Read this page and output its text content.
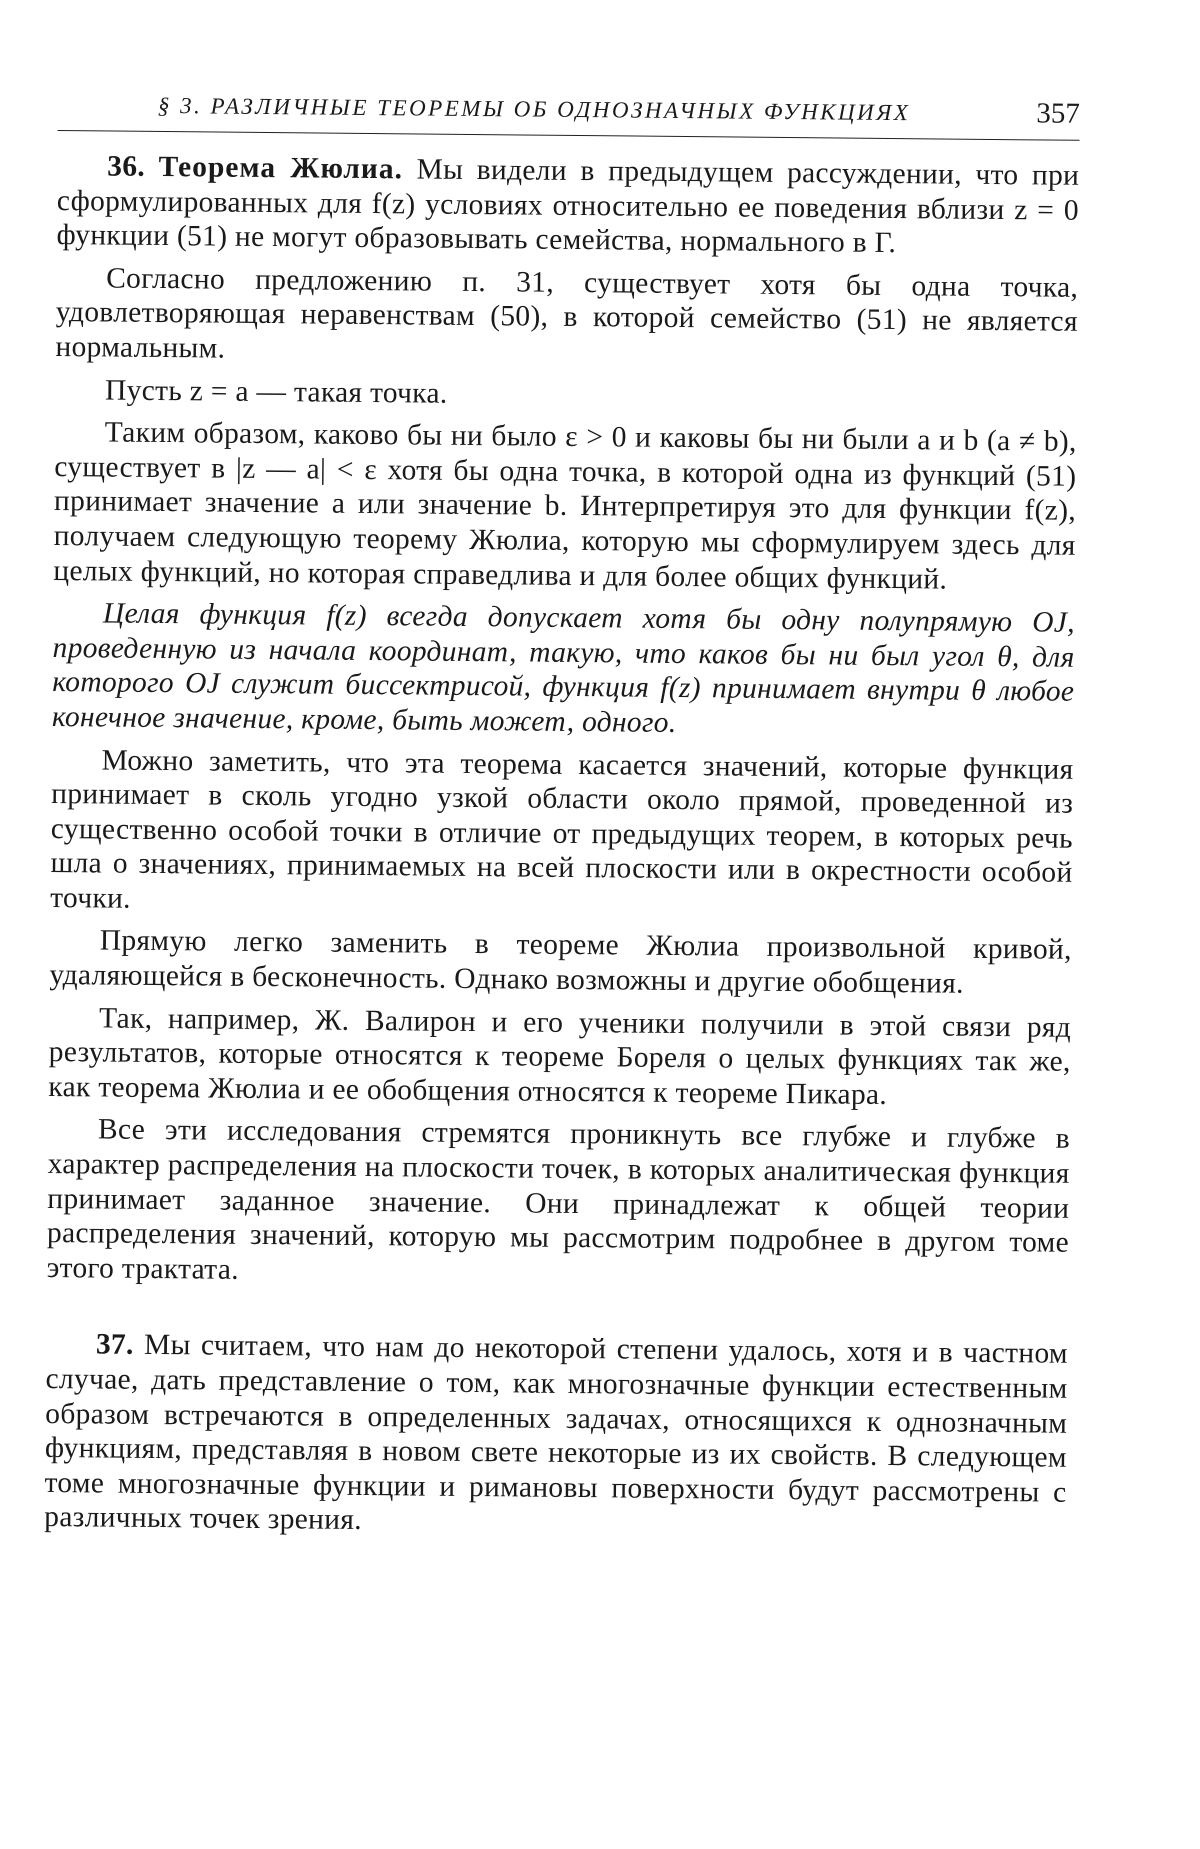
§ 3. РАЗЛИЧНЫЕ ТЕОРЕМЫ ОБ ОДНОЗНАЧНЫХ ФУНКЦИЯХ	357

36. Теорема Жюлиа. Мы видели в предыдущем рассуждении, что при сформулированных для f(z) условиях относительно ее поведения вблизи z = 0 функции (51) не могут образовывать семейства, нормального в Γ.

Согласно предложению п. 31, существует хотя бы одна точка, удовлетворяющая неравенствам (50), в которой семейство (51) не является нормальным.

Пусть z = a — такая точка.

Таким образом, каково бы ни было ε > 0 и каковы бы ни были a и b (a ≠ b), существует в |z — a| < ε хотя бы одна точка, в которой одна из функций (51) принимает значение a или значение b. Интерпретируя это для функции f(z), получаем следующую теорему Жюлиа, которую мы сформулируем здесь для целых функций, но которая справедлива и для более общих функций.

Целая функция f(z) всегда допускает хотя бы одну полупрямую OJ, проведенную из начала координат, такую, что каков бы ни был угол θ, для которого OJ служит биссектрисой, функция f(z) принимает внутри θ любое конечное значение, кроме, быть может, одного.

Можно заметить, что эта теорема касается значений, которые функция принимает в сколь угодно узкой области около прямой, проведенной из существенно особой точки в отличие от предыдущих теорем, в которых речь шла о значениях, принимаемых на всей плоскости или в окрестности особой точки.

Прямую легко заменить в теореме Жюлиа произвольной кривой, удаляющейся в бесконечность. Однако возможны и другие обобщения.

Так, например, Ж. Валирон и его ученики получили в этой связи ряд результатов, которые относятся к теореме Бореля о целых функциях так же, как теорема Жюлиа и ее обобщения относятся к теореме Пикара.

Все эти исследования стремятся проникнуть все глубже и глубже в характер распределения на плоскости точек, в которых аналитическая функция принимает заданное значение. Они принадлежат к общей теории распределения значений, которую мы рассмотрим подробнее в другом томе этого трактата.

37. Мы считаем, что нам до некоторой степени удалось, хотя и в частном случае, дать представление о том, как многозначные функции естественным образом встречаются в определенных задачах, относящихся к однозначным функциям, представляя в новом свете некоторые из их свойств. В следующем томе многозначные функции и римановы поверхности будут рассмотрены с различных точек зрения.
